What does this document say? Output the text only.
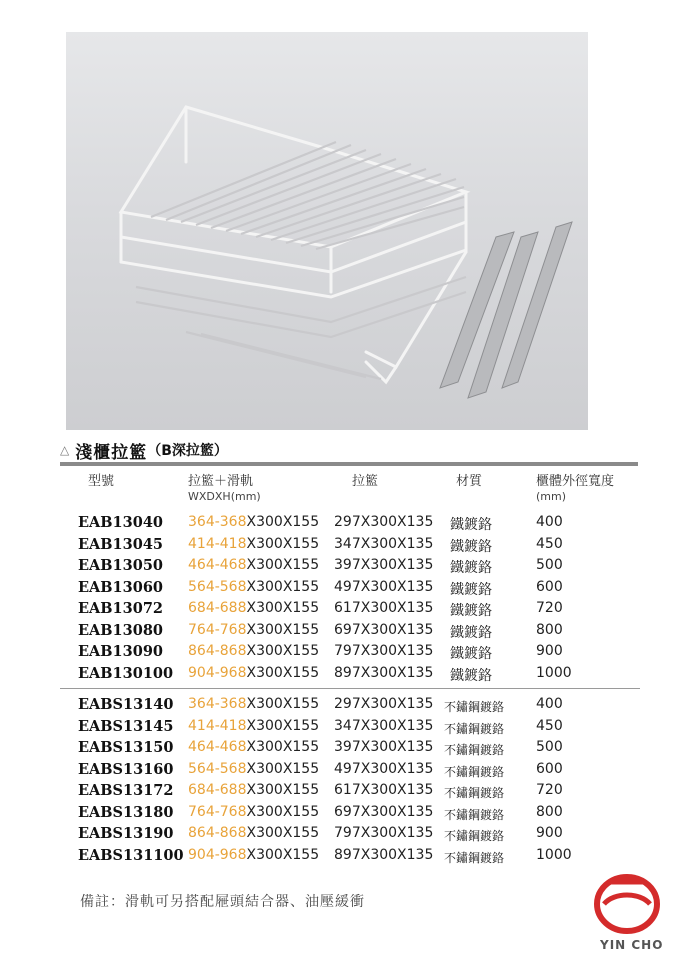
△ 淺櫃拉籃 （B深拉籃）
型號	拉籃＋滑軌
WXDXH(mm)
拉籃	材質	櫃體外徑寬度
(mm)
EAB13040 364-368X300X155 297X300X135 鐵鍍鉻	400
EAB13045 414-418X300X155 347X300X135 鐵鍍鉻	450
EAB13050 464-468X300X155 397X300X135 鐵鍍鉻	500
EAB13060 564-568X300X155 497X300X135 鐵鍍鉻	600
EAB13072 684-688X300X155 617X300X135 鐵鍍鉻	720
EAB13080 764-768X300X155 697X300X135 鐵鍍鉻	800
EAB13090 864-868X300X155 797X300X135 鐵鍍鉻	900
EAB130100 904-968X300X155 897X300X135 鐵鍍鉻	1000
EABS13140 364-368X300X155 297X300X135 不鏽鋼鍍鉻 400
EABS13145 414-418X300X155 347X300X135 不鏽鋼鍍鉻 450
EABS13150 464-468X300X155 397X300X135 不鏽鋼鍍鉻 500
EABS13160 564-568X300X155 497X300X135 不鏽鋼鍍鉻 600
EABS13172 684-688X300X155 617X300X135 不鏽鋼鍍鉻 720
EABS13180 764-768X300X155 697X300X135 不鏽鋼鍍鉻 800
EABS13190 864-868X300X155 797X300X135 不鏽鋼鍍鉻 900
EABS131100 904-968X300X155 897X300X135 不鏽鋼鍍鉻 1000
備註：滑軌可另搭配屜頭結合器、油壓緩衝
YIN CHO
